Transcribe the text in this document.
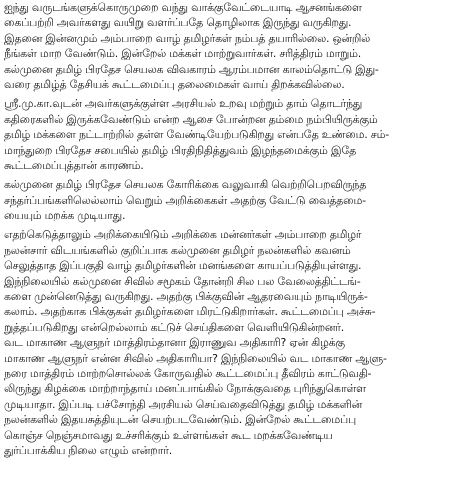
ஐந்து வருடங்களுக்கொருமுறை வந்து வாக்குவேட்டையாடி ஆசனங்களை
கைப்பற்றி அவர்களது வயிறு வளர்ப்பதே தொழிலாக இருந்து வருகிறது.
இதனை இன்னமும் அம்பாறை வாழ் தமிழர்கள் நம்பத் தயாரில்லை. ஒன்றில்
நீங்கள் மாற வேண்டும். இன்றேல் மக்கள் மாற்றுவார்கள். சரித்திரம் மாறும்.
கல்முனை தமிழ் பிரதேச செயலக விவகாரம் ஆரம்பமான காலம்தொட்டு இது-
வரை தமிழ்த் தேசியக் கூட்டமைப்பு தலைமைகள் வாய் திறக்கவில்லை.
ஸ்ரீ.மு.கா.வுடன் அவர்களுக்குள்ள அரசியல் உறவு மற்றும் தாம் தொடர்ந்து
கதிரைகளில் இருக்கவேண்டும் என்ற ஆசை போன்றன தம்மை நம்பியிருக்கும்
தமிழ் மக்களை நட்டாற்றில் தள்ள வேண்டியேற்படுகிறது என்பதே உண்மை. சம்-
மாந்துறை பிரதேச சபையில் தமிழ் பிரதிநிதித்துவம் இழந்தமைக்கும் இதே
கூட்டமைப்புத்தான் காரணம்.
கல்முனை தமிழ் பிரதேச செயலக கோரிக்கை வலுவாகி வெற்றிபெறவிருந்த
சந்தர்ப்பங்களிலெல்லாம் வெறும் அறிக்கைகள் அதற்கு வேட்டு வைத்தமை-
யையும் மறக்க முடியாது.
எதற்கெடுத்தாலும் அறிக்கையிடும் அறிக்கை மன்னர்கள் அம்பாறை தமிழர்
நலன்சார் விடயங்களில் குறிப்பாக கல்முனை தமிழர் நலன்களில் கவனம்
செலுத்தாத இப்பகுதி வாழ் தமிழர்களின் மனங்களை காயப்படுத்தியுள்ளது.
இந்நிலையில் கல்முனை சிவில் சமூகம் தோன்றி சில பல வேலைத்திட்டங்-
களை முன்னெடுத்து வருகிறது. அதற்கு பிக்குவின் ஆதரவையும் நாடியிருக்-
கலாம். அதற்காக பிக்குகள் தமிழர்களை மிரட்டுகிறார்கள். கூட்டமைப்பு அச்சு-
றுத்தப்படுகிறது என்றெல்லாம் கட்டுச் செய்திகளை வெளியிடுகின்றனர்.
வட மாகாண ஆளுநர் மாத்திரம்தானா இராணுவ அதிகாரி? ஏன் கிழக்கு
மாகாண ஆளுநர் என்ன சிவில் அதிகாரியா? இந்நிலையில் வட மாகாண ஆளு-
நரை மாத்திரம் மாற்றசொல்லக் கோருவதில் கூட்டமைப்பு தீவிரம் காட்டுவதி-
லிருந்து கிழக்கை மாற்றாந்தாய் மனப்பாங்கில் நோக்குவதை புரிந்துகொள்ள
முடியாதா. இப்படி பச்சோந்தி அரசியல் செய்வதைவிடுத்து தமிழ் மக்களின்
நலன்களில் இதயசுத்தியுடன் செயற்படவேண்டும். இன்றேல் கூட்டமைப்பு
கொஞ்ச நெஞ்சமாவது உச்சரிக்கும் உள்ளங்கள் கூட மறக்கவேண்டிய
துர்ப்பாக்கிய நிலை எழும் என்றார்.
